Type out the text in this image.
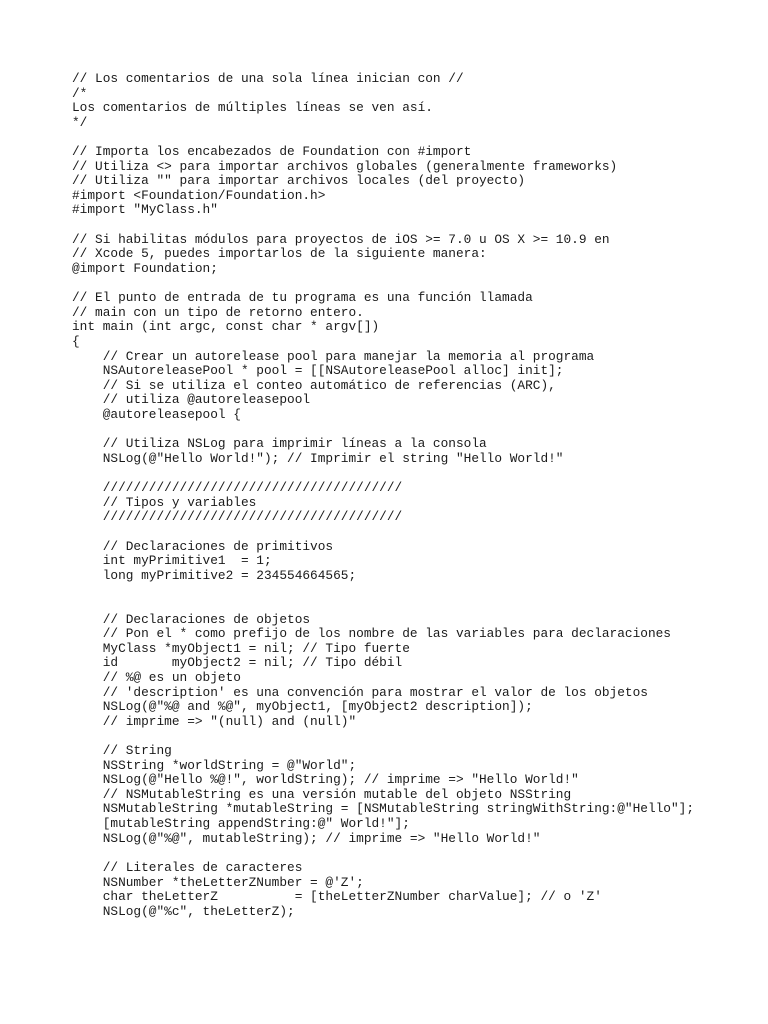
// Los comentarios de una sola línea inician con //
/*
Los comentarios de múltiples líneas se ven así.
*/
// Importa los encabezados de Foundation con #import
// Utiliza <> para importar archivos globales (generalmente frameworks)
// Utiliza "" para importar archivos locales (del proyecto)
#import <Foundation/Foundation.h>
#import "MyClass.h"
// Si habilitas módulos para proyectos de iOS >= 7.0 u OS X >= 10.9 en
// Xcode 5, puedes importarlos de la siguiente manera:
@import Foundation;
// El punto de entrada de tu programa es una función llamada
// main con un tipo de retorno entero.
int main (int argc, const char * argv[])
{
// Crear un autorelease pool para manejar la memoria al programa
NSAutoreleasePool * pool = [[NSAutoreleasePool alloc] init];
// Si se utiliza el conteo automático de referencias (ARC),
// utiliza @autoreleasepool
@autoreleasepool {
// Utiliza NSLog para imprimir líneas a la consola
NSLog(@"Hello World!"); // Imprimir el string "Hello World!"
///////////////////////////////////////
// Tipos y variables
///////////////////////////////////////
// Declaraciones de primitivos
int myPrimitive1  = 1;
long myPrimitive2 = 234554664565;
// Declaraciones de objetos
// Pon el * como prefijo de los nombre de las variables para declaraciones
MyClass *myObject1 = nil; // Tipo fuerte
id       myObject2 = nil; // Tipo débil
// %@ es un objeto
// 'description' es una convención para mostrar el valor de los objetos
NSLog(@"%@ and %@", myObject1, [myObject2 description]);
// imprime => "(null) and (null)"
// String
NSString *worldString = @"World";
NSLog(@"Hello %@!", worldString); // imprime => "Hello World!"
// NSMutableString es una versión mutable del objeto NSString
NSMutableString *mutableString = [NSMutableString stringWithString:@"Hello"];
[mutableString appendString:@" World!"];
NSLog(@"%@", mutableString); // imprime => "Hello World!"
// Literales de caracteres
NSNumber *theLetterZNumber = @'Z';
char theLetterZ          = [theLetterZNumber charValue]; // o 'Z'
NSLog(@"%c", theLetterZ);
